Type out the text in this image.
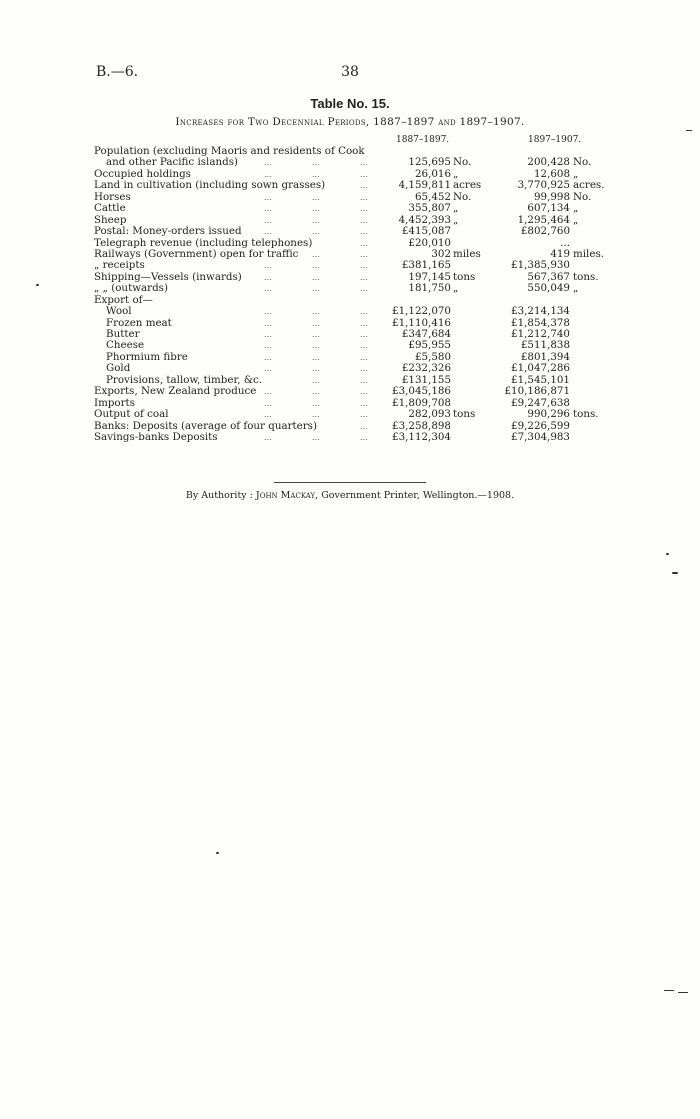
B.—6.	38
Table No. 15.
Increases for Two Decennial Periods, 1887–1897 and 1897–1907.
1887–1897.	1897–1907.
Population (excluding Maoris and residents of Cook
and other Pacific islands)	...	...	...	125,695 No.	200,428 No.
Occupied holdings	...	...	...	26,016 „	12,608 „
Land in cultivation (including sown grasses)	...	4,159,811 acres	3,770,925 acres.
Horses	...	...	...	65,452 No.	99,998 No.
Cattle	...	...	...	355,807 „	607,134 „
Sheep	...	...	...	4,452,393 „	1,295,464 „
Postal: Money-orders issued	...	...	...	£415,087	£802,760
Telegraph revenue (including telephones)	...	£20,010	...
Railways (Government) open for traffic ...	...	302 miles	419 miles.
„ receipts	...	...	...	£381,165	£1,385,930
Shipping—Vessels (inwards)	...	...	...	197,145 tons	567,367 tons.
„ „ (outwards)	...	...	...	181,750 „	550,049 „
Export of—
Wool	...	...	... £1,122,070	£3,214,134
Frozen meat	...	...	... £1,110,416	£1,854,378
Butter	...	...	...	£347,684	£1,212,740
Cheese	...	...	...	£95,955	£511,838
Phormium fibre	...	...	...	£5,580	£801,394
Gold	...	...	...	£232,326	£1,047,286
Provisions, tallow, timber, &c.	...	...	£131,155	£1,545,101
Exports, New Zealand produce ...	...	... £3,045,186	£10,186,871
Imports	...	...	... £1,809,708	£9,247,638
Output of coal	...	...	...	282,093 tons	990,296 tons.
Banks: Deposits (average of four quarters)	... £3,258,898	£9,226,599
Savings-banks Deposits	...	...	... £3,112,304	£7,304,983
By Authority : John Mackay, Government Printer, Wellington.—1908.
